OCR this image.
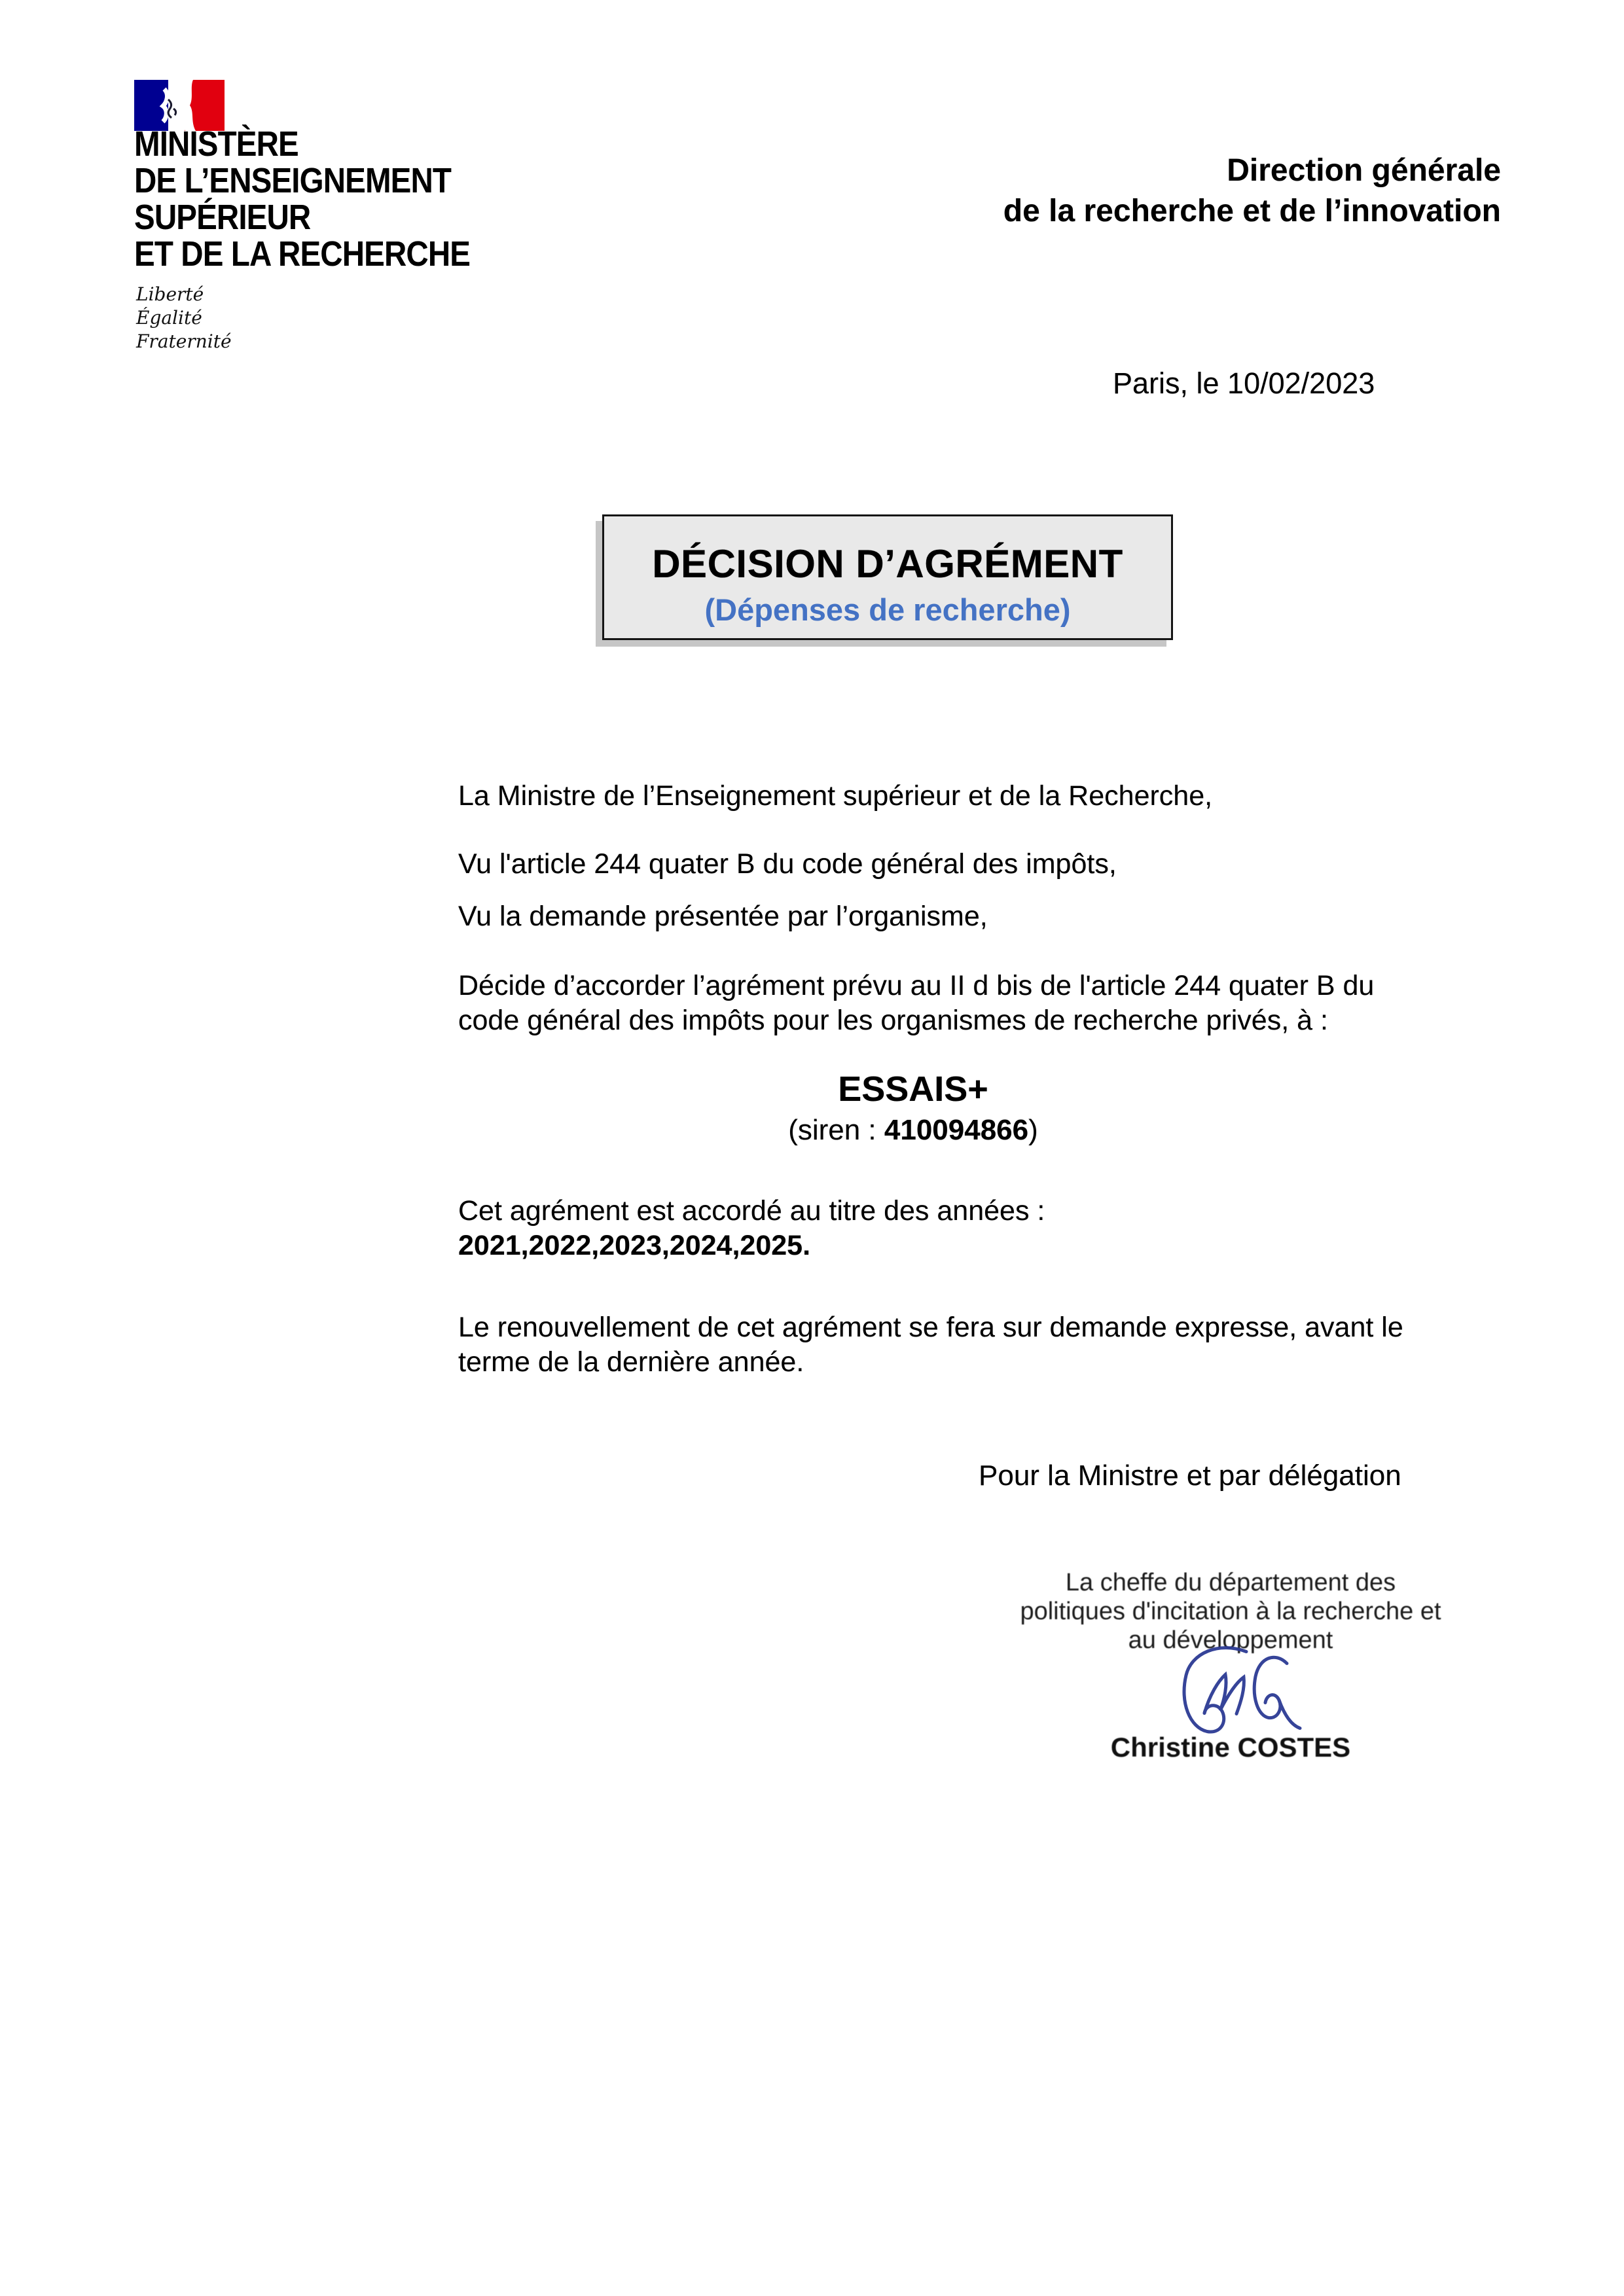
MINISTÈRE
DE L’ENSEIGNEMENT
SUPÉRIEUR
ET DE LA RECHERCHE
Liberté
Égalité
Fraternité
Direction générale
de la recherche et de l’innovation
Paris, le 10/02/2023
DÉCISION D’AGRÉMENT
(Dépenses de recherche)
La Ministre de l’Enseignement supérieur et de la Recherche,
Vu l'article 244 quater B du code général des impôts,
Vu la demande présentée par l’organisme,
Décide d’accorder l’agrément prévu au II d bis de l'article 244 quater B du
code général des impôts pour les organismes de recherche privés, à :
ESSAIS+
(siren : 410094866)
Cet agrément est accordé au titre des années :
2021,2022,2023,2024,2025.
Le renouvellement de cet agrément se fera sur demande expresse, avant le
terme de la dernière année.
Pour la Ministre et par délégation
La cheffe du département des
politiques d'incitation à la recherche et
au développement
Christine COSTES
